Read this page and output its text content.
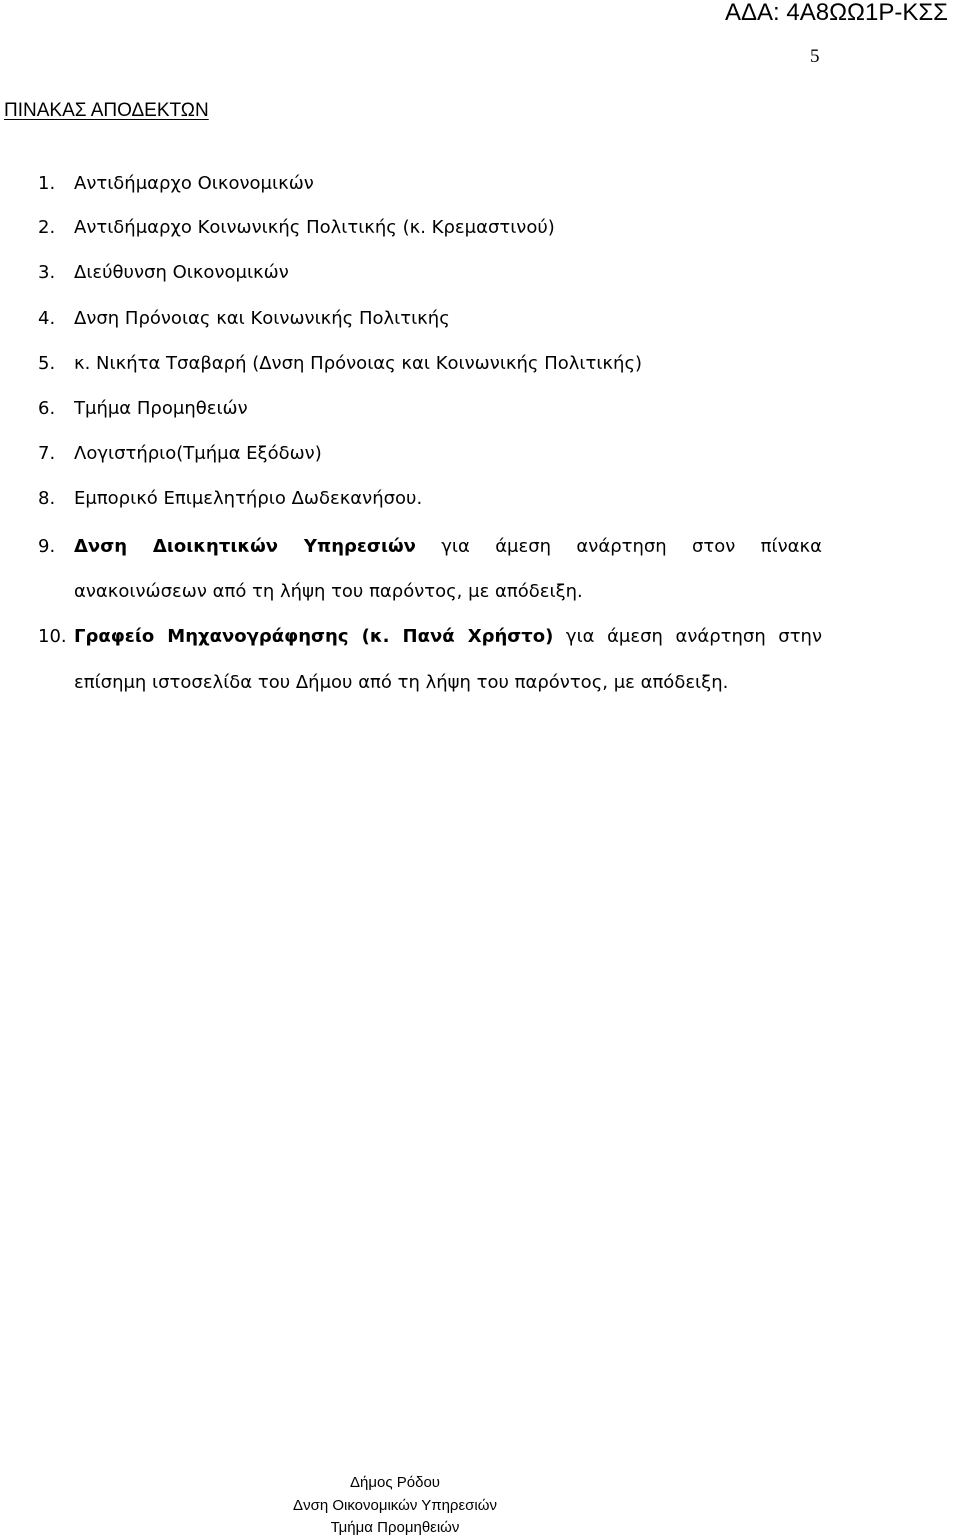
ΑΔΑ: 4Α8ΩΩ1Ρ-ΚΣΣ
5
ΠΙΝΑΚΑΣ ΑΠΟΔΕΚΤΩΝ
1. Αντιδήμαρχο Οικονομικών
2. Αντιδήμαρχο Κοινωνικής Πολιτικής (κ. Κρεμαστινού)
3. Διεύθυνση Οικονομικών
4. Δνση Πρόνοιας και Κοινωνικής Πολιτικής
5. κ. Νικήτα Τσαβαρή (Δνση Πρόνοιας και Κοινωνικής Πολιτικής)
6. Τμήμα Προμηθειών
7. Λογιστήριο(Τμήμα Εξόδων)
8. Εμπορικό Επιμελητήριο Δωδεκανήσου.
9.	Δνση Διοικητικών Υπηρεσιών για άμεση ανάρτηση στον πίνακα
ανακοινώσεων από τη λήψη του παρόντος, με απόδειξη.
10. Γραφείο Μηχανογράφησης (κ. Πανά Χρήστο) για άμεση ανάρτηση στην
επίσημη ιστοσελίδα του Δήμου από τη λήψη του παρόντος, με απόδειξη.
Δήμος Ρόδου
Δνση Οικονομικών Υπηρεσιών
Τμήμα Προμηθειών
